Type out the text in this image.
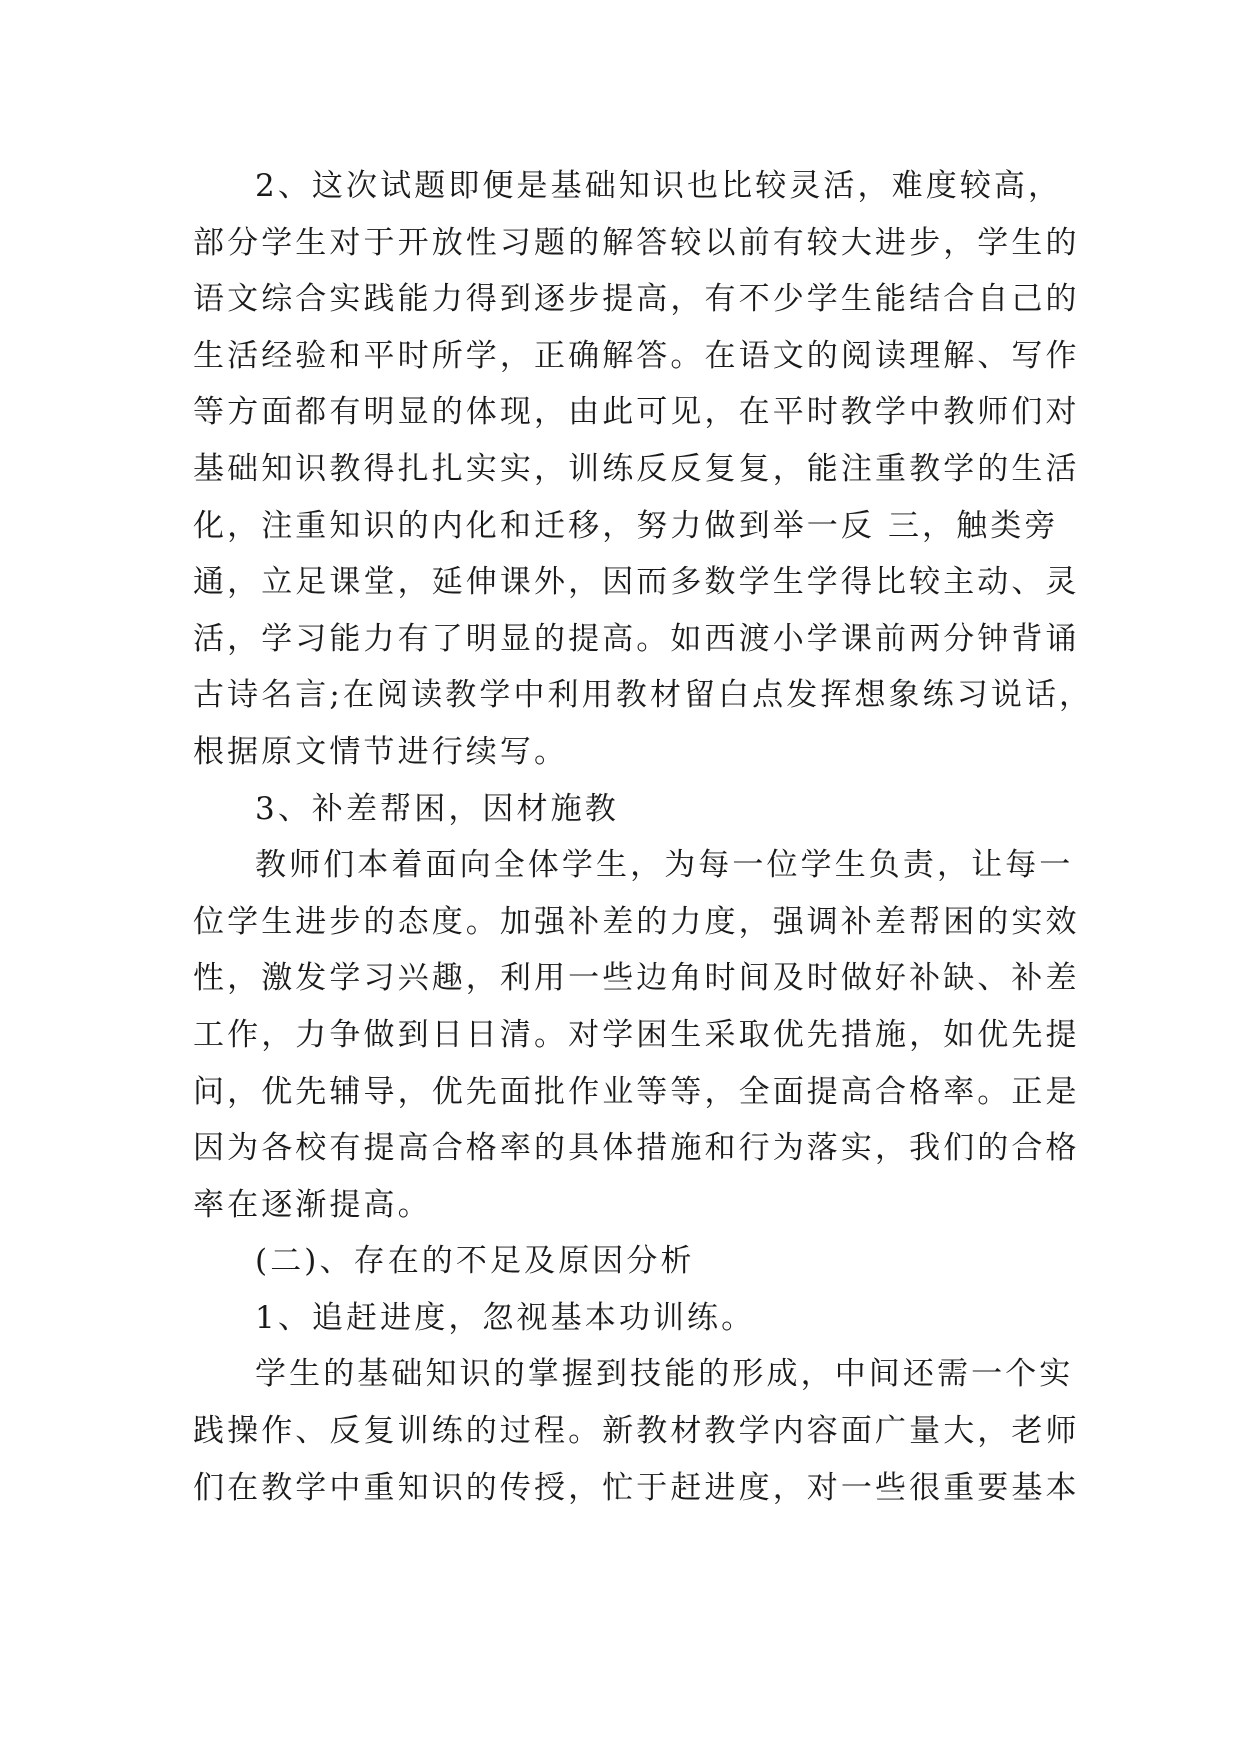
2、这次试题即便是基础知识也比较灵活，难度较高，
部分学生对于开放性习题的解答较以前有较大进步，学生的
语文综合实践能力得到逐步提高，有不少学生能结合自己的
生活经验和平时所学，正确解答。在语文的阅读理解、写作
等方面都有明显的体现，由此可见，在平时教学中教师们对
基础知识教得扎扎实实，训练反反复复，能注重教学的生活
化，注重知识的内化和迁移，努力做到举一反 三，触类旁
通，立足课堂，延伸课外，因而多数学生学得比较主动、灵
活，学习能力有了明显的提高。如西渡小学课前两分钟背诵
古诗名言;在阅读教学中利用教材留白点发挥想象练习说话，
根据原文情节进行续写。
3、补差帮困，因材施教
教师们本着面向全体学生，为每一位学生负责，让每一
位学生进步的态度。加强补差的力度，强调补差帮困的实效
性，激发学习兴趣，利用一些边角时间及时做好补缺、补差
工作，力争做到日日清。对学困生采取优先措施，如优先提
问，优先辅导，优先面批作业等等，全面提高合格率。正是
因为各校有提高合格率的具体措施和行为落实，我们的合格
率在逐渐提高。
(二)、存在的不足及原因分析
1、追赶进度，忽视基本功训练。
学生的基础知识的掌握到技能的形成，中间还需一个实
践操作、反复训练的过程。新教材教学内容面广量大，老师
们在教学中重知识的传授，忙于赶进度，对一些很重要基本
